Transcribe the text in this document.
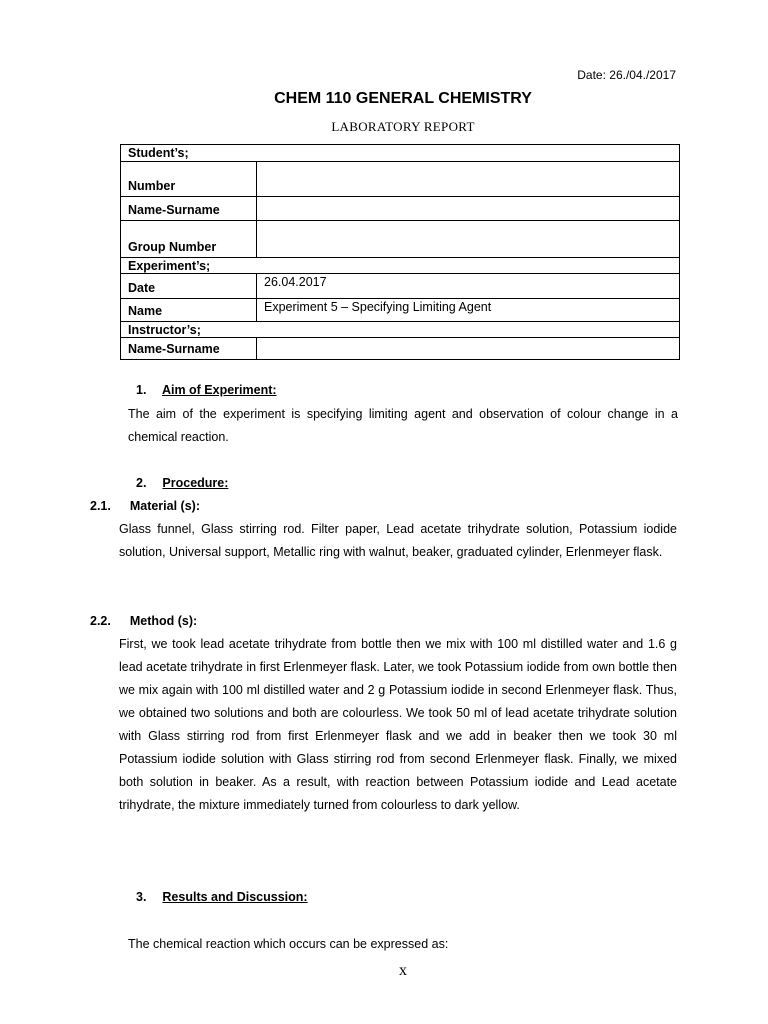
Date: 26./04./2017
CHEM 110 GENERAL CHEMISTRY
LABORATORY REPORT
Student’s;	
Number	
Name-Surname	
Group Number	
Experiment’s;	
Date	26.04.2017
Name	Experiment 5 – Specifying Limiting Agent
Instructor’s;	
Name-Surname	
1. Aim of Experiment:
The aim of the experiment is specifying limiting agent and observation of colour change in a chemical reaction.
2. Procedure:
2.1. Material (s):
Glass funnel, Glass stirring rod. Filter paper, Lead acetate trihydrate solution, Potassium iodide solution, Universal support, Metallic ring with walnut, beaker, graduated cylinder, Erlenmeyer flask.
2.2. Method (s):
First, we took lead acetate trihydrate from bottle then we mix with 100 ml distilled water and 1.6 g lead acetate trihydrate in first Erlenmeyer flask. Later, we took Potassium iodide from own bottle then we mix again with 100 ml distilled water and 2 g Potassium iodide in second Erlenmeyer flask. Thus, we obtained two solutions and both are colourless. We took 50 ml of lead acetate trihydrate solution with Glass stirring rod from first Erlenmeyer flask and we add in beaker then we took 30 ml Potassium iodide solution with Glass stirring rod from second Erlenmeyer flask. Finally, we mixed both solution in beaker. As a result, with reaction between Potassium iodide and Lead acetate trihydrate, the mixture immediately turned from colourless to dark yellow.
3. Results and Discussion:
The chemical reaction which occurs can be expressed as:
x
